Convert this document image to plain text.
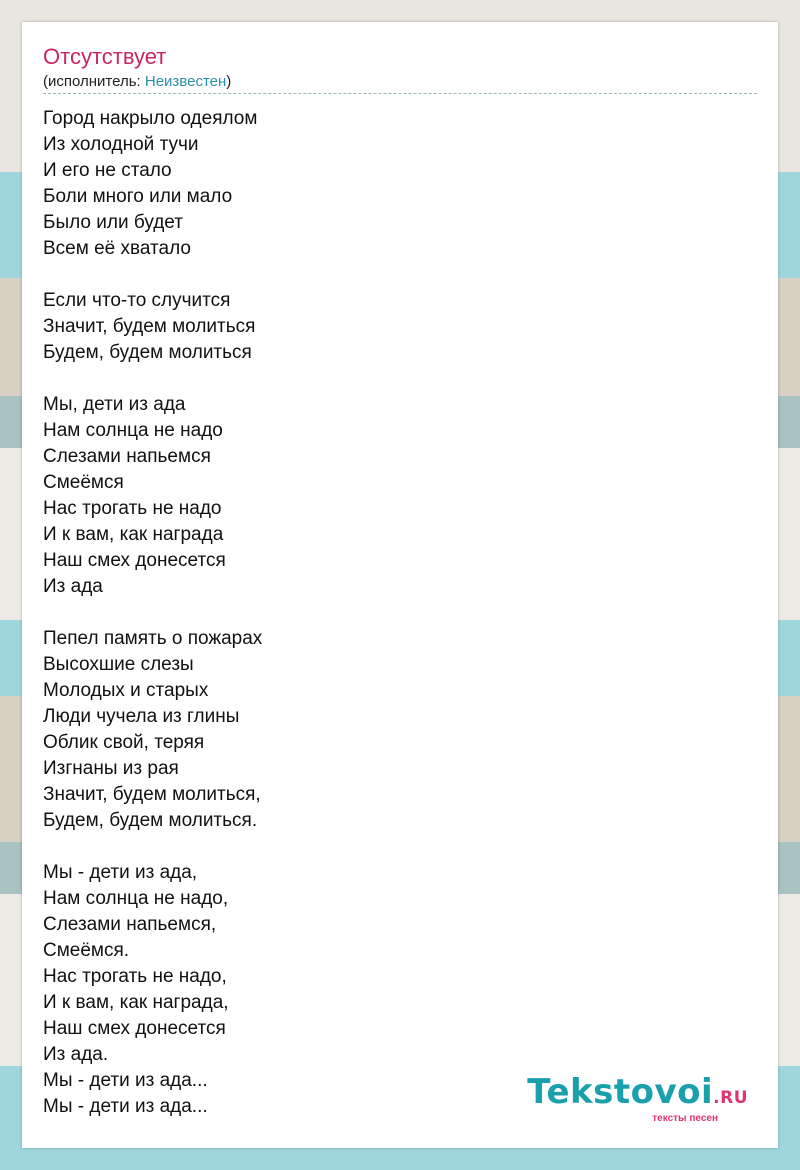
Отсутствует
(исполнитель: Неизвестен)
Город накрыло одеялом
Из холодной тучи
И его не стало
Боли много или мало
Было или будет
Всем её хватало
Если что-то случится
Значит, будем молиться
Будем, будем молиться
Мы, дети из ада
Нам солнца не надо
Слезами напьемся
Смеёмся
Нас трогать не надо
И к вам, как награда
Наш смех донесется
Из ада
Пепел память о пожарах
Высохшие слезы
Молодых и старых
Люди чучела из глины
Облик свой, теряя
Изгнаны из рая
Значит, будем молиться,
Будем, будем молиться.
Мы - дети из ада,
Нам солнца не надо,
Слезами напьемся,
Смеёмся.
Нас трогать не надо,
И к вам, как награда,
Наш смех донесется
Из ада.
Мы - дети из ада...
Мы - дети из ада...	Tekstovoi.RU
тексты песен
